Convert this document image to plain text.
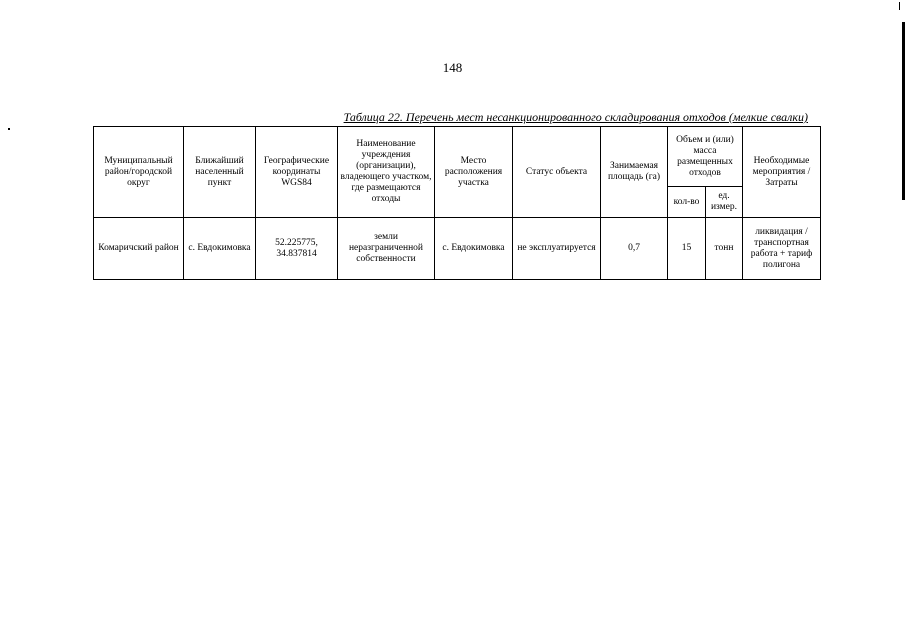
148
Таблица 22. Перечень мест несанкционированного складирования отходов (мелкие свалки)
Муниципальный район/городской округ	Ближайший населенный пункт	Географические координаты WGS84	Наименование учреждения (организации), владеющего участком, где размещаются отходы	Место расположения участка	Статус объекта	Занимаемая площадь (га)	Объем и (или) масса размещенных отходов		Необходимые мероприятия / Затраты
							кол-во	ед. измер.	
Комаричский район	с. Евдокимовка	52.225775, 34.837814	земли неразграниченной собственности	с. Евдокимовка	не эксплуатируется	0,7	15	тонн	ликвидация / транспортная работа + тариф полигона
